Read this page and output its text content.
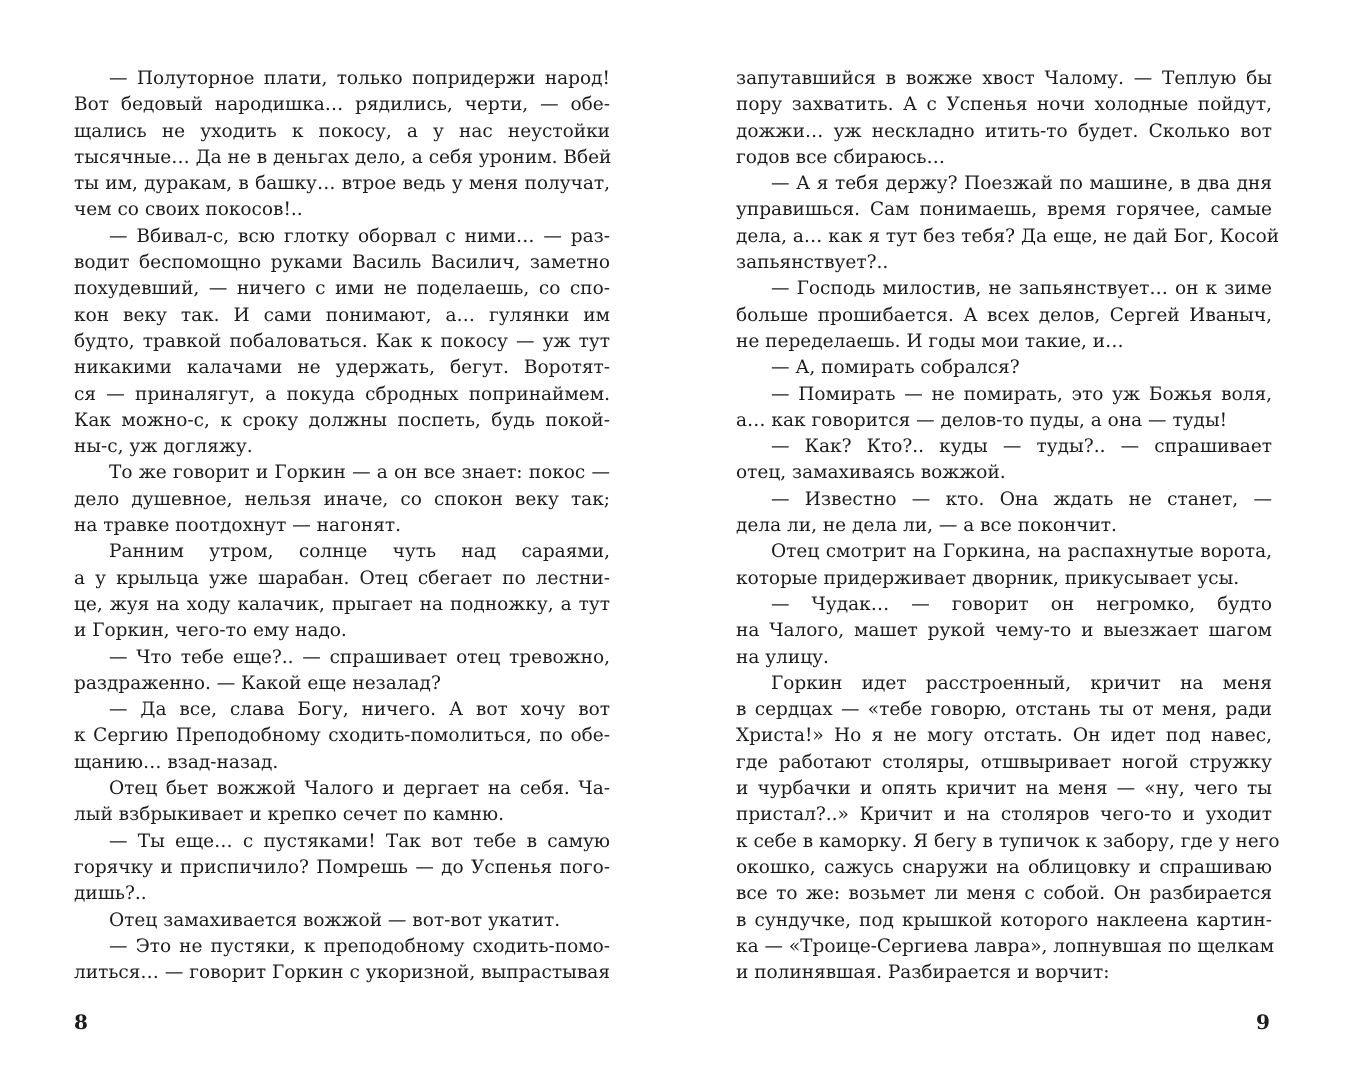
— Полуторное плати, только попридержи народ!
Вот бедовый народишка… рядились, черти, — обе-
щались не уходить к покосу, а у нас неустойки
тысячные… Да не в деньгах дело, а себя уроним. Вбей
ты им, дуракам, в башку… втрое ведь у меня получат,
чем со своих покосов!..
— Вбивал-с, всю глотку оборвал с ними… — раз-
водит беспомощно руками Василь Василич, заметно
похудевший, — ничего с ими не поделаешь, со спо-
кон веку так. И сами понимают, а… гулянки им
будто, травкой побаловаться. Как к покосу — уж тут
никакими калачами не удержать, бегут. Воротят-
ся — приналягут, а покуда сбродных попринаймем.
Как можно-с, к сроку должны поспеть, будь покой-
ны-с, уж догляжу.
То же говорит и Горкин — а он все знает: покос —
дело душевное, нельзя иначе, со спокон веку так;
на травке поотдохнут — нагонят.
Ранним утром, солнце чуть над сараями,
а у крыльца уже шарабан. Отец сбегает по лестни-
це, жуя на ходу калачик, прыгает на подножку, а тут
и Горкин, чего-то ему надо.
— Что тебе еще?.. — спрашивает отец тревожно,
раздраженно. — Какой еще незалад?
— Да все, слава Богу, ничего. А вот хочу вот
к Сергию Преподобному сходить-помолиться, по обе-
щанию… взад-назад.
Отец бьет вожжой Чалого и дергает на себя. Ча-
лый взбрыкивает и крепко сечет по камню.
— Ты еще… с пустяками! Так вот тебе в самую
горячку и приспичило? Помрешь — до Успенья пого-
дишь?..
Отец замахивается вожжой — вот-вот укатит.
— Это не пустяки, к преподобному сходить-помо-
литься… — говорит Горкин с укоризной, выпрастывая
8
запутавшийся в вожже хвост Чалому. — Теплую бы
пору захватить. А с Успенья ночи холодные пойдут,
дожжи… уж нескладно итить-то будет. Сколько вот
годов все сбираюсь…
— А я тебя держу? Поезжай по машине, в два дня
управишься. Сам понимаешь, время горячее, самые
дела, а… как я тут без тебя? Да еще, не дай Бог, Косой
запьянствует?..
— Господь милостив, не запьянствует… он к зиме
больше прошибается. А всех делов, Сергей Иваныч,
не переделаешь. И годы мои такие, и…
— А, помирать собрался?
— Помирать — не помирать, это уж Божья воля,
а… как говорится — делов-то пуды, а она — туды!
— Как? Кто?.. куды — туды?.. — спрашивает
отец, замахиваясь вожжой.
— Известно — кто. Она ждать не станет, —
дела ли, не дела ли, — а все покончит.
Отец смотрит на Горкина, на распахнутые ворота,
которые придерживает дворник, прикусывает усы.
— Чудак… — говорит он негромко, будто
на Чалого, машет рукой чему-то и выезжает шагом
на улицу.
Горкин идет расстроенный, кричит на меня
в сердцах — «тебе говорю, отстань ты от меня, ради
Христа!» Но я не могу отстать. Он идет под навес,
где работают столяры, отшвыривает ногой стружку
и чурбачки и опять кричит на меня — «ну, чего ты
пристал?..» Кричит и на столяров чего-то и уходит
к себе в каморку. Я бегу в тупичок к забору, где у него
окошко, сажусь снаружи на облицовку и спрашиваю
все то же: возьмет ли меня с собой. Он разбирается
в сундучке, под крышкой которого наклеена картин-
ка — «Троице-Сергиева лавра», лопнувшая по щелкам
и полинявшая. Разбирается и ворчит:
9
